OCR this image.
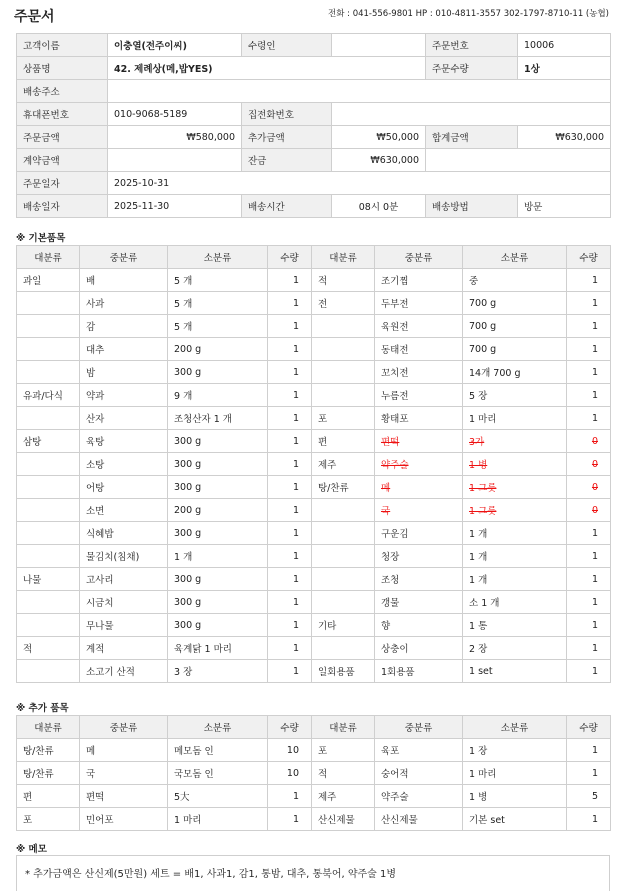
주문서	전화 : 041-556-9801 HP : 010-4811-3557 302-1797-8710-11 (농협)
고객이름	이충열(전주이씨)	수령인		주문번호	10006
상품명	42. 제례상(메,밥YES)			주문수량	1상
배송주소					
휴대폰번호	010-9068-5189	집전화번호			
주문금액	₩580,000	추가금액	₩50,000	합계금액	₩630,000
계약금액		잔금	₩630,000		
주문일자	2025-10-31				
배송일자	2025-11-30	배송시간	08시 0분	배송방법	방문
※ 기본품목
대분류	중분류	소분류	수량	대분류	중분류	소분류	수량
과일	배	5 개	1	적	조기찜	중	1
	사과	5 개	1	전	두부전	700 g	1
	감	5 개	1		육원전	700 g	1
	대추	200 g	1		동태전	700 g	1
	밤	300 g	1		꼬치전	14개 700 g	1
유과/다식	약과	9 개	1		누름전	5 장	1
	산자	조청산자 1 개	1	포	황태포	1 마리	1
삼탕	육탕	300 g	1	편	편떡	3가	0
	소탕	300 g	1	제주	약주술	1 병	0
	어탕	300 g	1	탕/찬류	메	1 그릇	0
	소면	200 g	1		국	1 그릇	0
	식혜밥	300 g	1		구운김	1 개	1
	물김치(침채)	1 개	1		청장	1 개	1
나물	고사리	300 g	1		조청	1 개	1
	시금치	300 g	1		갱물	소 1 개	1
	무나물	300 g	1	기타	향	1 통	1
적	계적	육계닭 1 마리	1		상충이	2 장	1
	소고기 산적	3 장	1	일회용품	1회용품	1 set	1
※ 추가 품목
대분류	중분류	소분류	수량	대분류	중분류	소분류	수량
탕/찬류	메	메모돔 인	10	포	육포	1 장	1
탕/찬류	국	국모돔 인	10	적	숭어적	1 마리	1
편	편떡	5大	1	제주	약주술	1 병	5
포	민어포	1 마리	1	산신제물	산신제물	기본 set	1
※ 메모
* 추가금액은 산신제(5만원) 세트 = 배1, 사과1, 감1, 통밤, 대추, 통북어, 약주술 1병
